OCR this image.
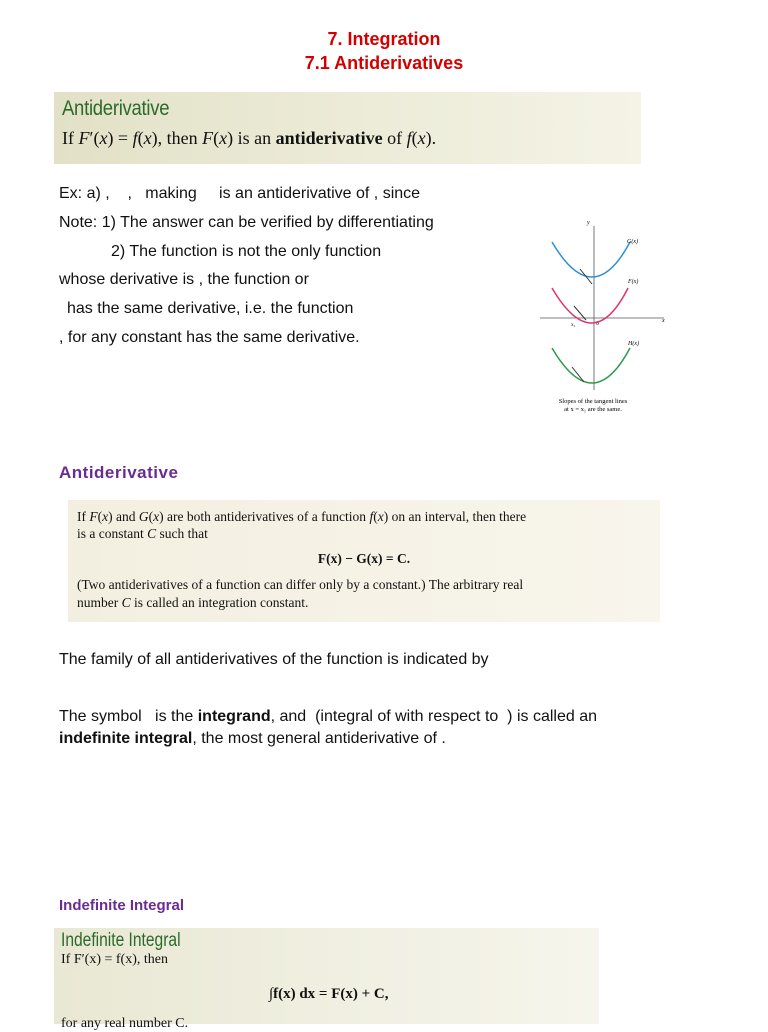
7. Integration
7.1 Antiderivatives
Antiderivative
If F′(x) = f(x), then F(x) is an antiderivative of f(x).
Ex: a) ,    ,   making     is an antiderivative of , since
Note: 1) The answer can be verified by differentiating
2) The function is not the only function
whose derivative is , the function or
has the same derivative, i.e. the function
, for any constant has the same derivative.
y
x
0
x₁
G(x)
F(x)
H(x)
Slopes of the tangent lines
at x = x₁ are the same.
Antiderivative
If F(x) and G(x) are both antiderivatives of a function f(x) on an interval, then there
is a constant C such that
F(x) − G(x) = C.
(Two antiderivatives of a function can differ only by a constant.) The arbitrary real
number C is called an integration constant.
The family of all antiderivatives of the function is indicated by
The symbol   is the integrand, and  (integral of with respect to  ) is called an
indefinite integral, the most general antiderivative of .
Indefinite Integral
Indefinite Integral
If F′(x) = f(x), then
∫f(x) dx = F(x) + C,
for any real number C.
